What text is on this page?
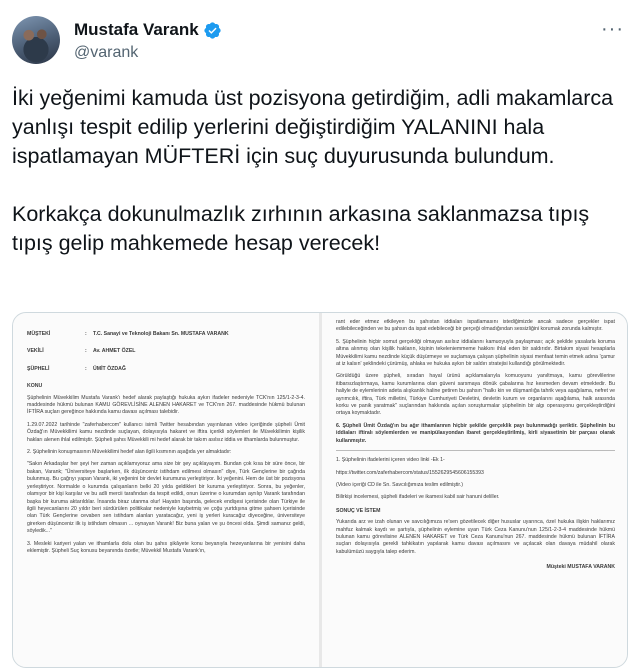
Mustafa Varank
@varank
···

İki yeğenimi kamuda üst pozisyona getirdiğim, adli makamlarca yanlışı tespit edilip yerlerini değiştirdiğim YALANINI hala ispatlamayan MÜFTERİ için suç duyurusunda bulundum.

Korkakça dokunulmazlık zırhının arkasına saklanmazsa tıpış tıpış gelip mahkemede hesap verecek!

MÜŞTEKİ	:	T.C. Sanayi ve Teknoloji Bakanı Sn. MUSTAFA VARANK
VEKİLİ	:	Av. AHMET ÖZEL
ŞÜPHELİ	:	ÜMİT ÖZDAĞ
KONU
Şüphelinin Müvekkilim Mustafa Varank'ı hedef alarak paylaştığı hukuka aykırı ifadeler nedeniyle TCK'nın 125/1-2-3-4. maddesinde hükmü bulunan KAMU GÖREVLİSİNE ALENEN HAKARET ve TCK'nın 267. maddesinde hükmü bulunan İFTİRA suçları gereğince hakkında kamu davası açılması talebidir.
1.29.07.2022 tarihinde "zaferhabercom" kullanıcı isimli Twitter hesabından yayınlanan video içeriğinde şüpheli Ümit Özdağ'ın Müvekkilimi kamu nezdinde suçlayan, dolayısıyla hakaret ve iftira içerikli söylemleri ile Müvekkilimin kişilik hakları alenen ihlal edilmiştir. Şüpheli şahıs Müvekkili mi hedef alarak bir takım asılsız iddia ve ithamlarda bulunmuştur.
2. Şüphelinin konuşmasının Müvekkilimi hedef alan ilgili kısmının aşağıda yer almaktadır:
"Sakın Arkadaşlar her şeyi her zaman açıklamıyoruz ama size bir şey açıklayayım. Bundan çok kısa bir süre önce, bir bakan, Varank; "Üniversiteye başlarken, ilk düşünceniz istihdam edilmesi olmasın" diye, Türk Gençlerine bir çağrıda bulunmuş. Bu çağrıyı yapan Varank, iki yeğenini bir devlet kurumuna yerleştiriyor. İki yeğenini. Hem de üst bir pozisyona yerleştiriyor. Normalde o kurumda çalışanların belki 20 yılda geldikleri bir kuruma yerleştiriyor. Sonra, bu yeğenler, olamıyor bir kişi karşılar ve bu adli mercii tarafından da tespit edildi, onun üzerine o kurumdan ayrılıp Varank tarafından başka bir kuruma aktarıldılar. İnsanda biraz utanma olur! Hayatın başında, gelecek endişesi içerisinde olan Türkiye ile ilgili heyecanlarını 20 yıldır beri sürdürülen politikalar nedeniyle kaybetmiş ve çoğu yurtdışına gitme şahsen içerisinde olan Türk Gençlerine cevaben sen istihdam alanları yaratacağız, yeni iş yerleri kuracağız diyeceğine, üniversiteye girerken düşünceniz ilk iş istihdam olmasın ... oynayan Varank! Biz buna yalan ve şu öncesi olda. Şimdi samanız geldi, söyledik..."
3. Mesleki kariyeri yalan ve ithamlarla dolu olan bu şahıs şikâyete konu beyanıyla hezeyanlarına bir yenisini daha eklemiştir. Şüpheli Suç konusu beyanında özetle; Müvekkil Mustafa Varank'ın,
rant eder etmez etkileyen bu şahıstan iddiaları ispatlamasını istediğimizde ancak sadece gerçekler ispat edilebileceğinden ve bu şahsın da ispat edebileceği bir gerçeği olmadığından sessizliğini korumak zorunda kalmıştır.
5. Şüphelinin hiçbir somut gerçekliği olmayan asılsız iddialarını kamuoyuyla paylaşması; açık şekilde yasalarla koruma altına alınmış olan kişilik hakların, kişinin tekeleniemmeme hakkını ihlal eden bir saldırıdır. Birtakım siyasi hesaplarla Müvekkilimi kamu nezdinde küçük düşürmeye ve suçlamaya çalışan şüphelinin siyasi menfaat temin etmek adına 'çamur at iz kalsın' şeklindeki çürümüş, ahlaka ve hukuka aykırı bir saldırı stratejisi kullandığı görülmektedir.
Görüldüğü üzere şüpheli, sıradan hayal ürünü açıklamalarıyla komuoyunu yanıltmaya, kamu görevlilerine itibarsızlaştırmaya, kamu kurumlarına olan güveni sarsmaya dönük çabalarına hız kesmeden devam etmektedir. Bu haliyle de eylemlerinin adeta alışkanlık haline getiren bu şahsın "halkı kin ve düşmanlığa tahrik veya aşağılama, nefret ve ayrımcılık, iftira, Türk milletini, Türkiye Cumhuriyeti Devletini, devletin kurum ve organlarını aşağılama, halk arasında korku ve panik yaratmak" suçlarından hakkında açılan soruşturmalar şüphelinin bir algı operasyonu gerçekleştirdiğini ortaya koymaktadır.
6. Şüpheli Ümit Özdağ'ın bu ağır ithamlarının hiçbir şekilde gerçeklik payı bulunmadığı şeriktir. Şüphelinin bu iddiaları iftiralı söylemlerden ve manipülasyondan ibaret gerçekleştirilmiş, kirli siyasetinin bir parçası olarak kullanmıştır.
1. Şüphelinin ifadelerini içeren video linki -Ek 1-
https://twitter.com/zaferhabercom/status/1552629545606155393
(Video içeriği CD ile Sn. Savcılığımıza teslim edilmiştir.)
Bilirkişi incelemesi, şüpheli ifadeleri ve ikamesi kabil sair hanuni deliller.
SONUÇ VE İSTEM
Yukarıda arz ve izah olunan ve savcılığımıza re'sen gözetilecek diğer hususlar uyarınca, özel hukuka ilişkin haklarımız mahfuz kalmak kaydı ve şartıyla, şüphelinin eylemine uyan Türk Ceza Kanunu'nun 125/1-2-3-4 maddesinde hükmü bulunan kamu görevlisine ALENEN HAKARET ve Türk Ceza Kanunu'nun 267. maddesinde hükmü bulunan İFTİRA suçları dolayısıyla gerekli tahkikatın yapılarak kamu davası açılmasını ve açılacak olan davaya müdahil olarak kabulümüzü saygıyla talep ederim.
Müşteki MUSTAFA VARANK
